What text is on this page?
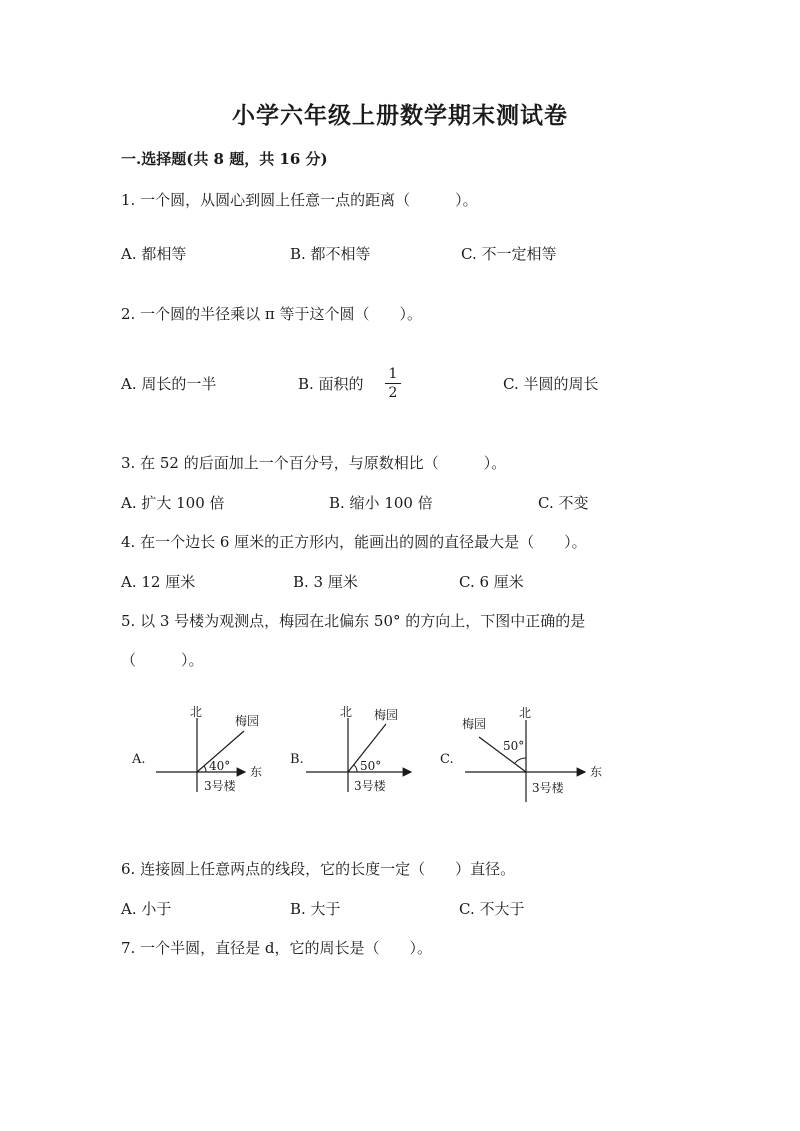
小学六年级上册数学期末测试卷
一.选择题(共 8 题，共 16 分)
1. 一个圆，从圆心到圆上任意一点的距离（　　　）。
A. 都相等	B. 都不相等	C. 不一定相等
2. 一个圆的半径乘以 π 等于这个圆（　　）。
A. 周长的一半	B. 面积的
1
2	C. 半圆的周长
3. 在 52 的后面加上一个百分号，与原数相比（　　　）。
A. 扩大 100 倍	B. 缩小 100 倍	C. 不变
4. 在一个边长 6 厘米的正方形内，能画出的圆的直径最大是（　　）。
A. 12 厘米	B. 3 厘米	C. 6 厘米
5. 以 3 号楼为观测点，梅园在北偏东 50° 的方向上，下图中正确的是
（　　　）。
A.
北
梅园
40° 东
3号楼
B.
北 梅园
50°
3号楼
C.
北
梅园
50°
东
3号楼
6. 连接圆上任意两点的线段，它的长度一定（　　）直径。
A. 小于	B. 大于	C. 不大于
7. 一个半圆，直径是 d，它的周长是（　　）。
